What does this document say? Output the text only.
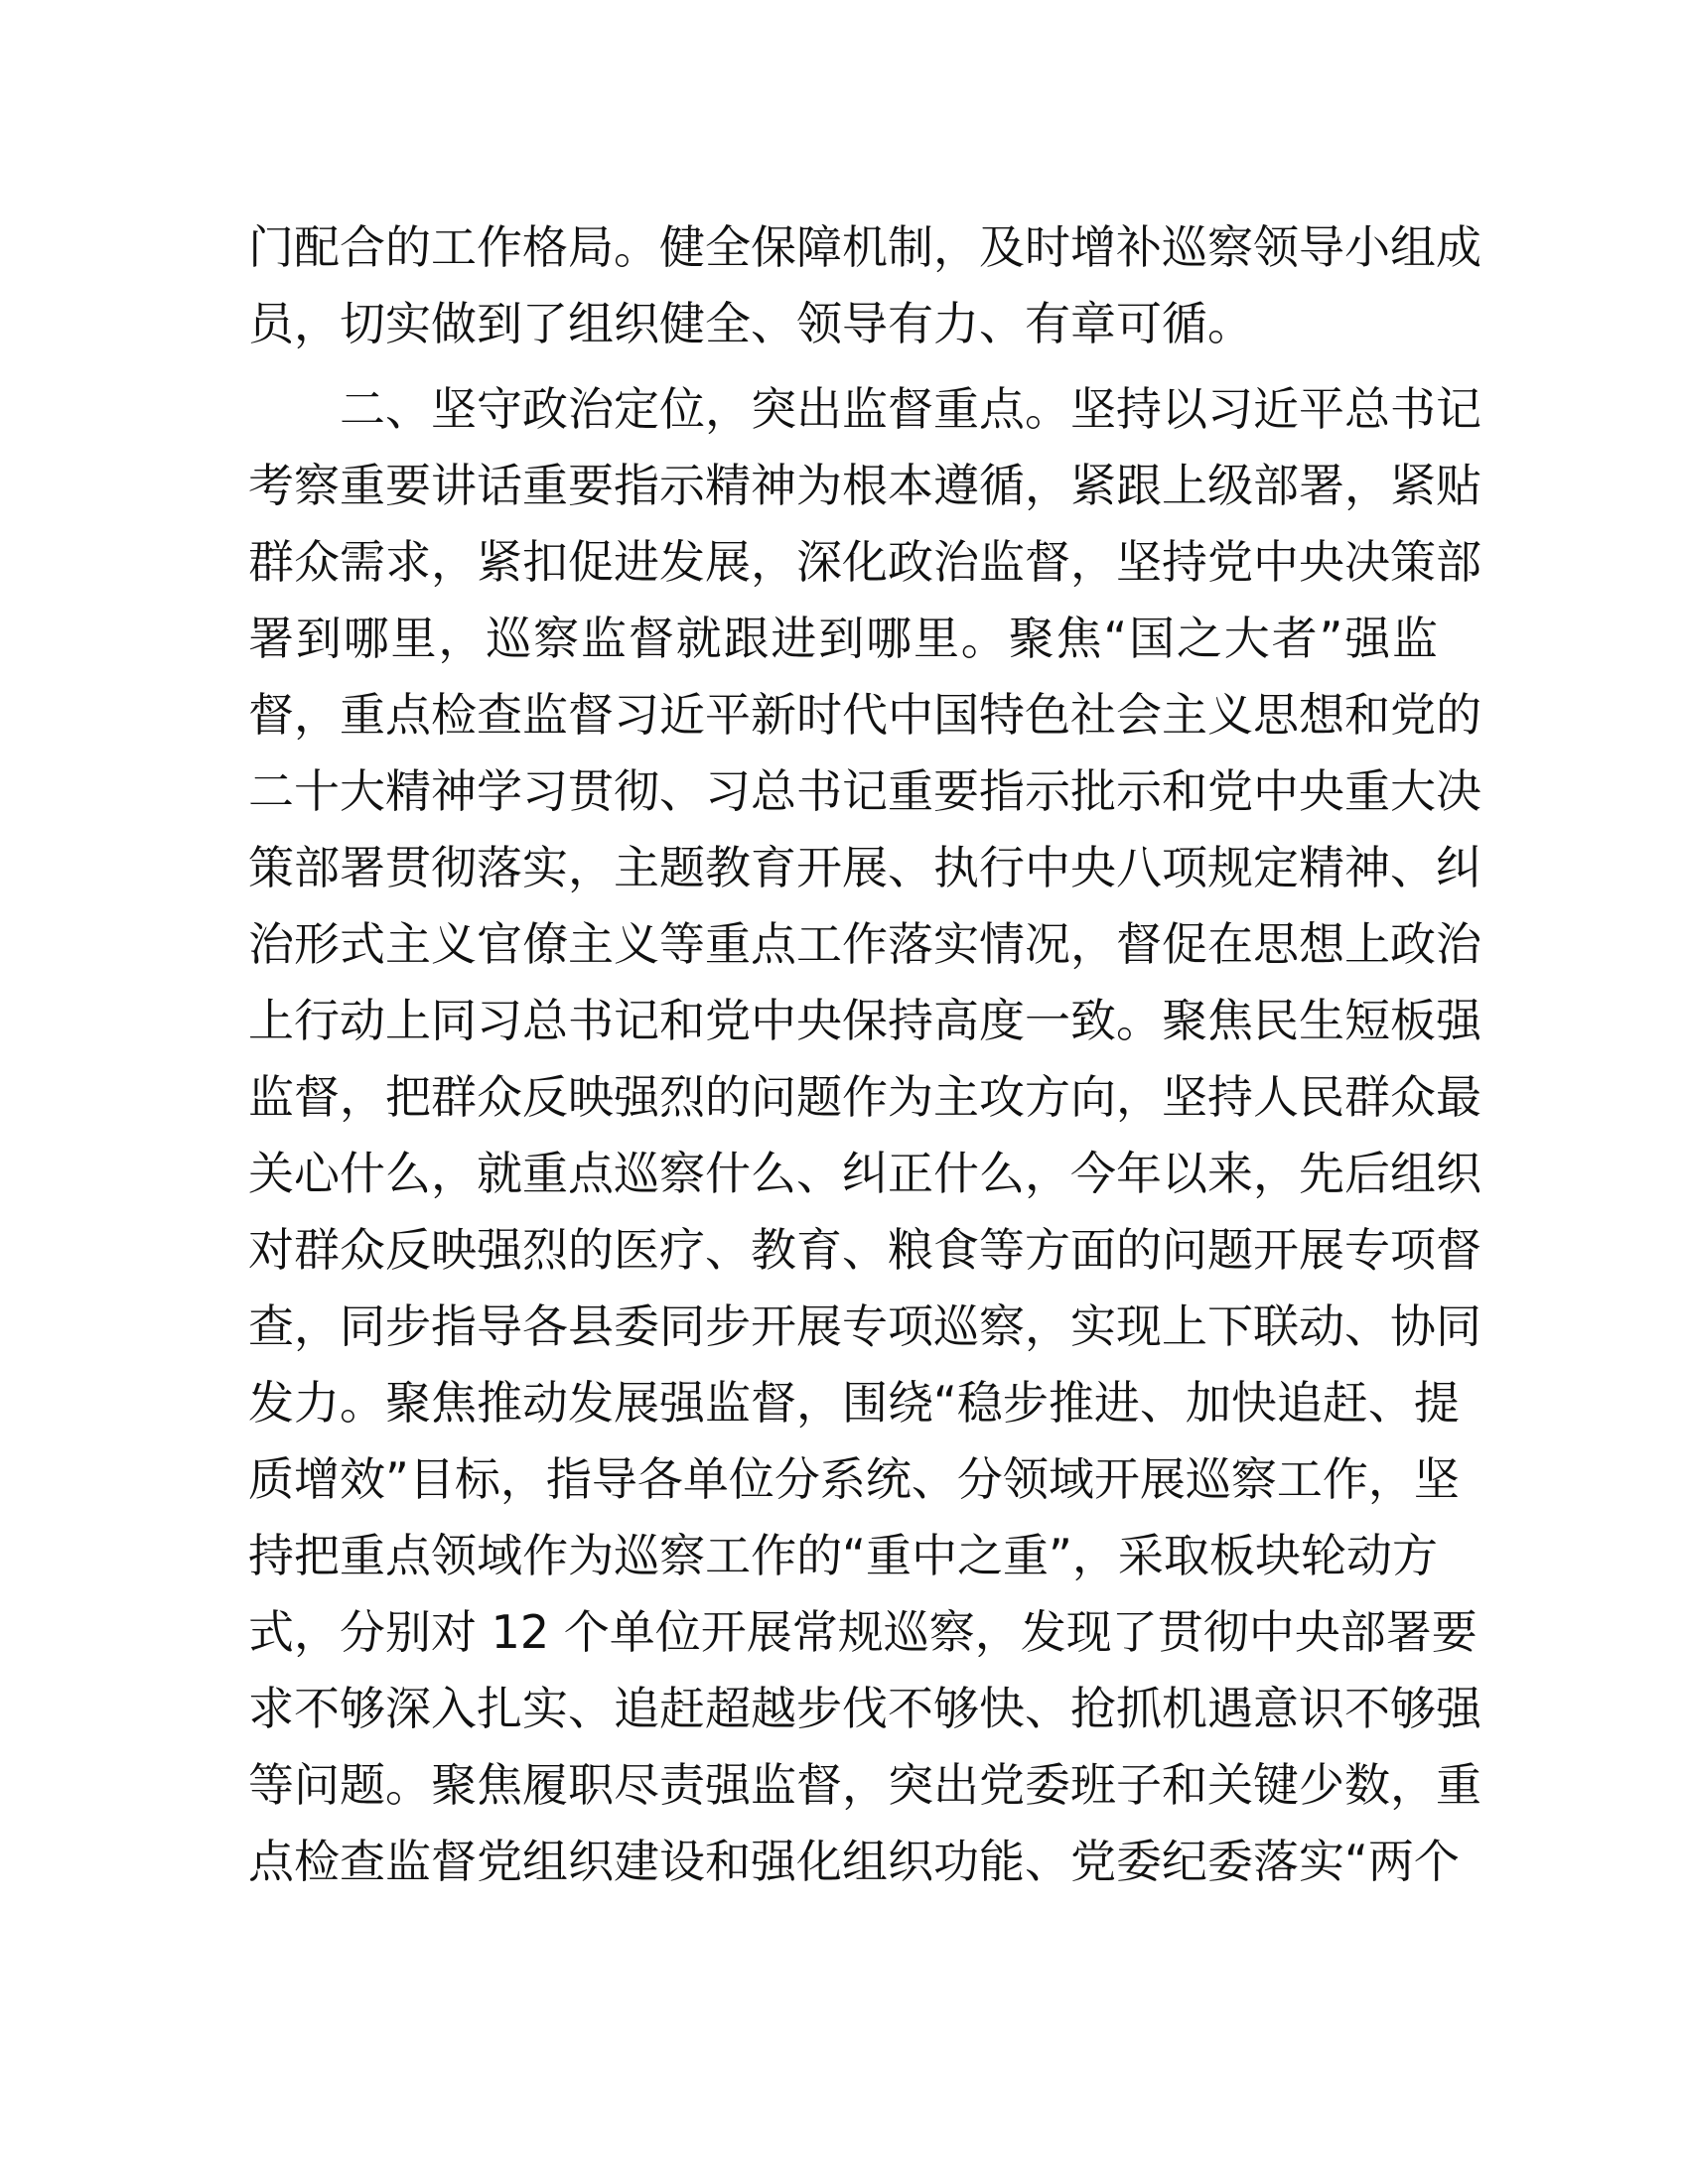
门配合的工作格局。健全保障机制，及时增补巡察领导小组成

员，切实做到了组织健全、领导有力、有章可循。

二、坚守政治定位，突出监督重点。坚持以习近平总书记

考察重要讲话重要指示精神为根本遵循，紧跟上级部署，紧贴

群众需求，紧扣促进发展，深化政治监督，坚持党中央决策部

署到哪里，巡察监督就跟进到哪里。聚焦“国之大者”强监

督，重点检查监督习近平新时代中国特色社会主义思想和党的

二十大精神学习贯彻、习总书记重要指示批示和党中央重大决

策部署贯彻落实，主题教育开展、执行中央八项规定精神、纠

治形式主义官僚主义等重点工作落实情况，督促在思想上政治

上行动上同习总书记和党中央保持高度一致。聚焦民生短板强

监督，把群众反映强烈的问题作为主攻方向，坚持人民群众最

关心什么，就重点巡察什么、纠正什么，今年以来，先后组织

对群众反映强烈的医疗、教育、粮食等方面的问题开展专项督

查，同步指导各县委同步开展专项巡察，实现上下联动、协同

发力。聚焦推动发展强监督，围绕“稳步推进、加快追赶、提

质增效”目标，指导各单位分系统、分领域开展巡察工作，坚

持把重点领域作为巡察工作的“重中之重”，采取板块轮动方

式，分别对 12 个单位开展常规巡察，发现了贯彻中央部署要

求不够深入扎实、追赶超越步伐不够快、抢抓机遇意识不够强

等问题。聚焦履职尽责强监督，突出党委班子和关键少数，重

点检查监督党组织建设和强化组织功能、党委纪委落实“两个
